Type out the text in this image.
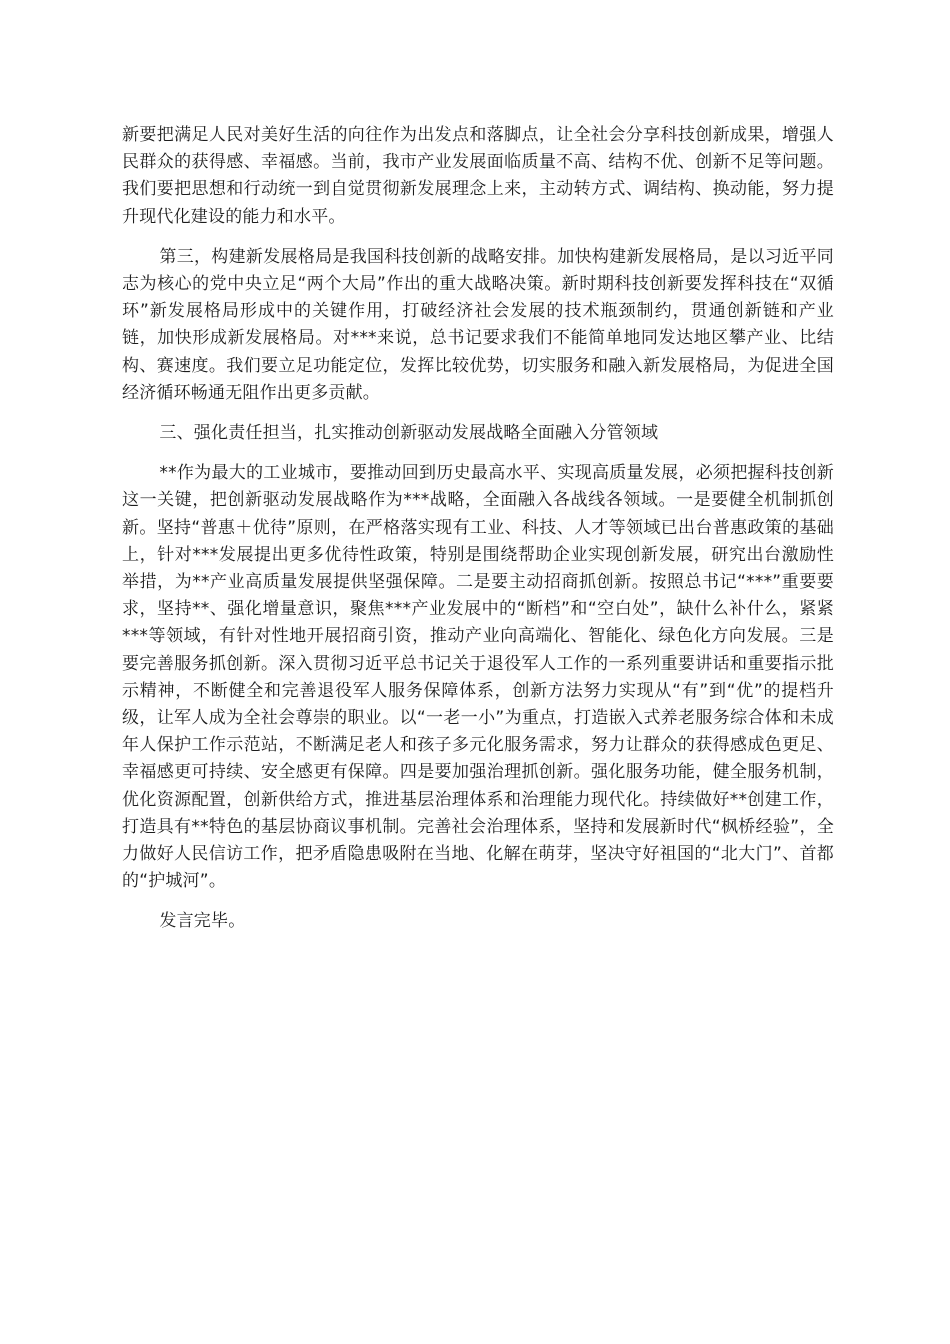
新要把满足人民对美好生活的向往作为出发点和落脚点，让全社会分享科技创新成果，增强人民群众的获得感、幸福感。当前，我市产业发展面临质量不高、结构不优、创新不足等问题。我们要把思想和行动统一到自觉贯彻新发展理念上来，主动转方式、调结构、换动能，努力提升现代化建设的能力和水平。

第三，构建新发展格局是我国科技创新的战略安排。加快构建新发展格局，是以习近平同志为核心的党中央立足“两个大局”作出的重大战略决策。新时期科技创新要发挥科技在“双循环”新发展格局形成中的关键作用，打破经济社会发展的技术瓶颈制约，贯通创新链和产业链，加快形成新发展格局。对***来说，总书记要求我们不能简单地同发达地区攀产业、比结构、赛速度。我们要立足功能定位，发挥比较优势，切实服务和融入新发展格局，为促进全国经济循环畅通无阻作出更多贡献。

三、强化责任担当，扎实推动创新驱动发展战略全面融入分管领域

**作为最大的工业城市，要推动回到历史最高水平、实现高质量发展，必须把握科技创新这一关键，把创新驱动发展战略作为***战略，全面融入各战线各领域。一是要健全机制抓创新。坚持“普惠＋优待”原则，在严格落实现有工业、科技、人才等领域已出台普惠政策的基础上，针对***发展提出更多优待性政策，特别是围绕帮助企业实现创新发展，研究出台激励性举措，为**产业高质量发展提供坚强保障。二是要主动招商抓创新。按照总书记“***”重要要求，坚持**、强化增量意识，聚焦***产业发展中的“断档”和“空白处”，缺什么补什么，紧紧***等领域，有针对性地开展招商引资，推动产业向高端化、智能化、绿色化方向发展。三是要完善服务抓创新。深入贯彻习近平总书记关于退役军人工作的一系列重要讲话和重要指示批示精神，不断健全和完善退役军人服务保障体系，创新方法努力实现从“有”到“优”的提档升级，让军人成为全社会尊崇的职业。以“一老一小”为重点，打造嵌入式养老服务综合体和未成年人保护工作示范站，不断满足老人和孩子多元化服务需求，努力让群众的获得感成色更足、幸福感更可持续、安全感更有保障。四是要加强治理抓创新。强化服务功能，健全服务机制，优化资源配置，创新供给方式，推进基层治理体系和治理能力现代化。持续做好**创建工作，打造具有**特色的基层协商议事机制。完善社会治理体系，坚持和发展新时代“枫桥经验”，全力做好人民信访工作，把矛盾隐患吸附在当地、化解在萌芽，坚决守好祖国的“北大门”、首都的“护城河”。

发言完毕。
